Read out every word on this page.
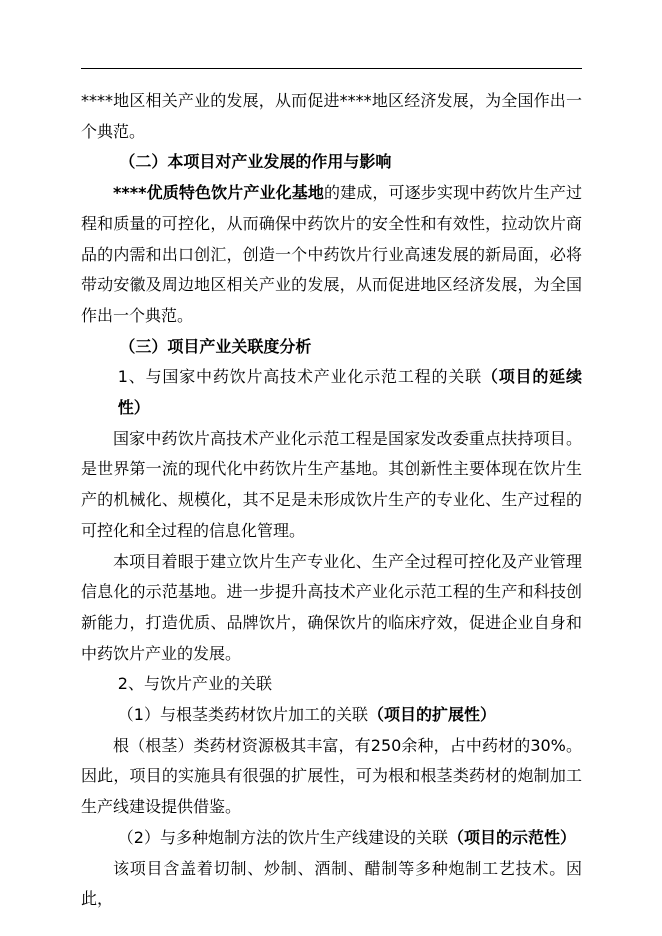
****地区相关产业的发展，从而促进****地区经济发展，为全国作出一个典范。

（二）本项目对产业发展的作用与影响

****优质特色饮片产业化基地的建成，可逐步实现中药饮片生产过程和质量的可控化，从而确保中药饮片的安全性和有效性，拉动饮片商品的内需和出口创汇，创造一个中药饮片行业高速发展的新局面，必将带动安徽及周边地区相关产业的发展，从而促进地区经济发展，为全国作出一个典范。

（三）项目产业关联度分析

1、与国家中药饮片高技术产业化示范工程的关联（项目的延续性）

国家中药饮片高技术产业化示范工程是国家发改委重点扶持项目。是世界第一流的现代化中药饮片生产基地。其创新性主要体现在饮片生产的机械化、规模化，其不足是未形成饮片生产的专业化、生产过程的可控化和全过程的信息化管理。

本项目着眼于建立饮片生产专业化、生产全过程可控化及产业管理信息化的示范基地。进一步提升高技术产业化示范工程的生产和科技创新能力，打造优质、品牌饮片，确保饮片的临床疗效，促进企业自身和中药饮片产业的发展。

2、与饮片产业的关联

（1）与根茎类药材饮片加工的关联（项目的扩展性）

根（根茎）类药材资源极其丰富，有250余种，占中药材的30%。因此，项目的实施具有很强的扩展性，可为根和根茎类药材的炮制加工生产线建设提供借鉴。

（2）与多种炮制方法的饮片生产线建设的关联（项目的示范性）

该项目含盖着切制、炒制、酒制、醋制等多种炮制工艺技术。因此，
